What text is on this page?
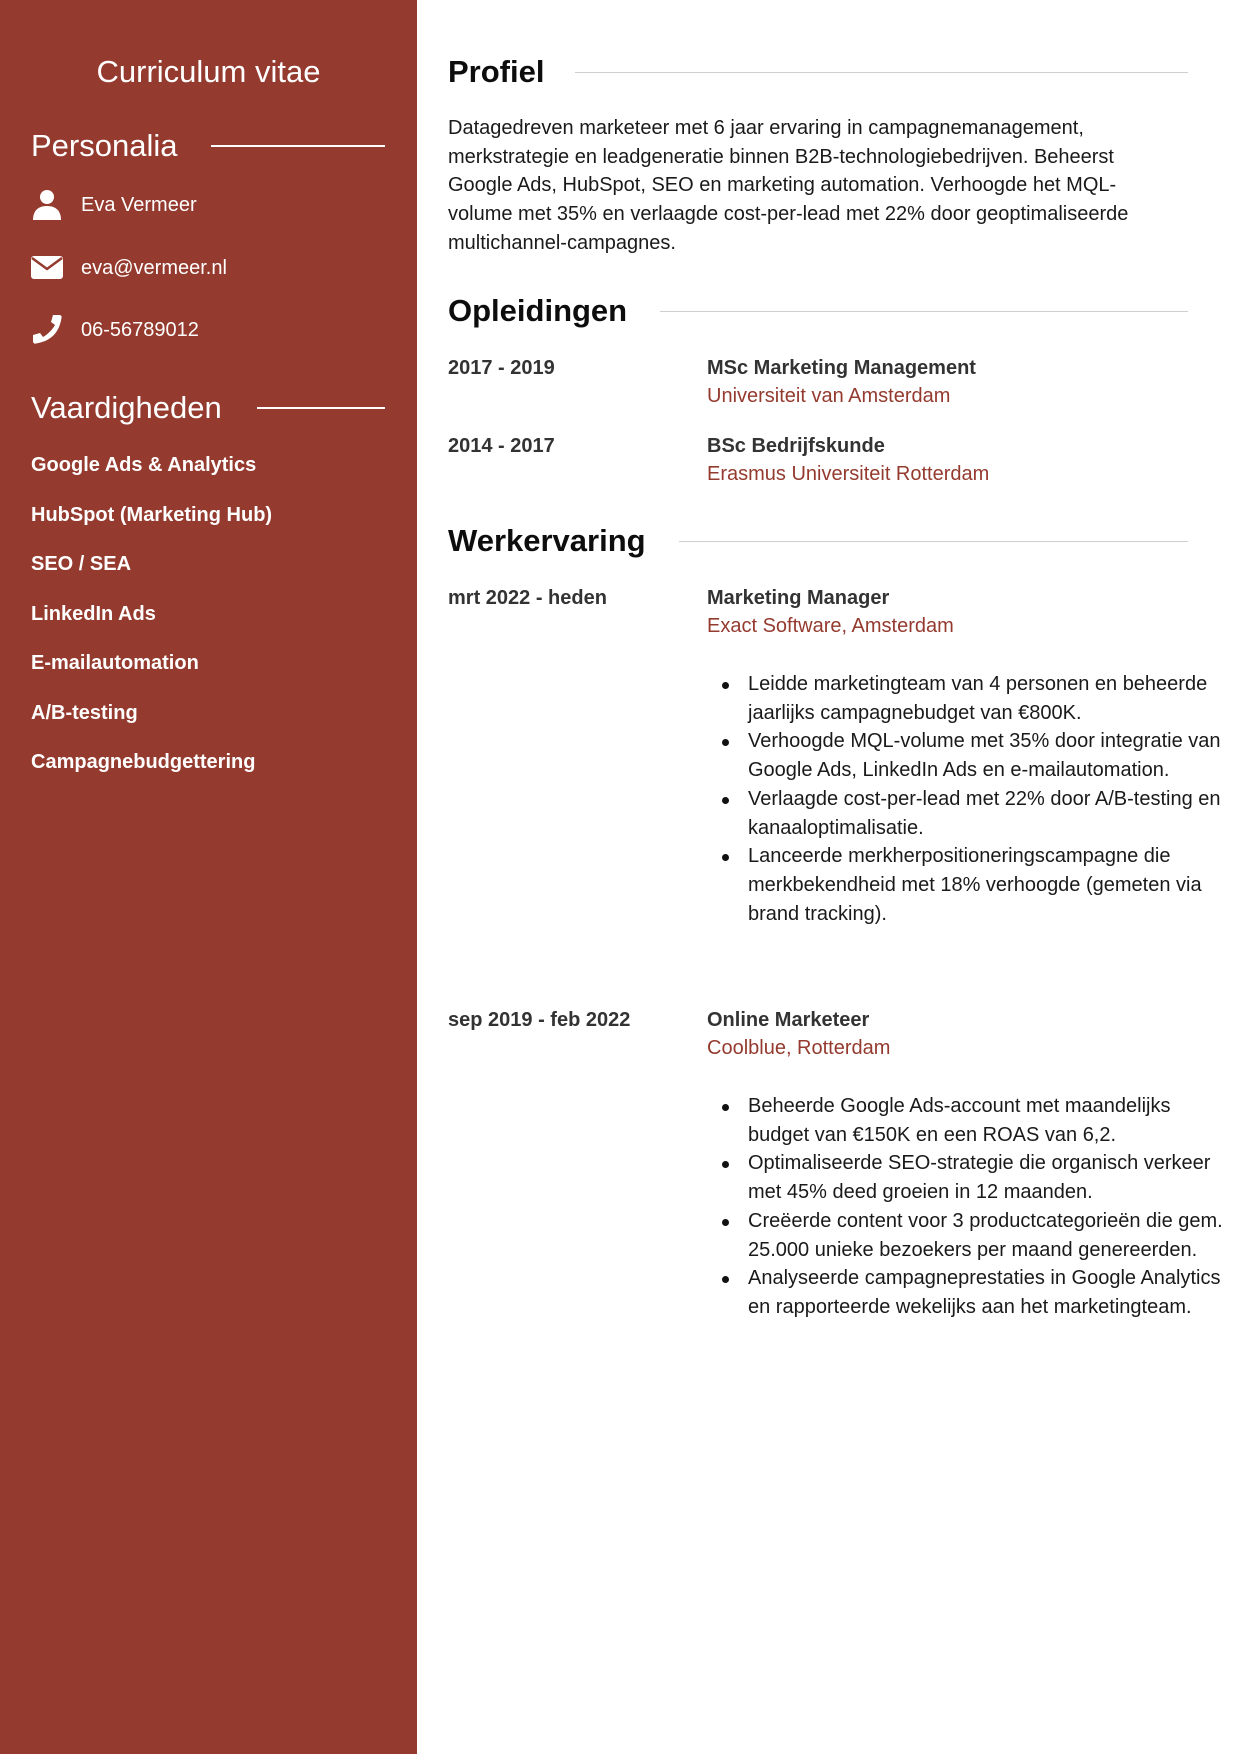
Curriculum vitae
Personalia
Eva Vermeer
eva@vermeer.nl
06-56789012
Vaardigheden
Google Ads & Analytics
HubSpot (Marketing Hub)
SEO / SEA
LinkedIn Ads
E-mailautomation
A/B-testing
Campagnebudgettering
Profiel
Datagedreven marketeer met 6 jaar ervaring in campagnemanagement, merkstrategie en leadgeneratie binnen B2B-technologiebedrijven. Beheerst Google Ads, HubSpot, SEO en marketing automation. Verhoogde het MQL-volume met 35% en verlaagde cost-per-lead met 22% door geoptimaliseerde multichannel-campagnes.
Opleidingen
2017 - 2019	MSc Marketing Management
Universiteit van Amsterdam
2014 - 2017	BSc Bedrijfskunde
Erasmus Universiteit Rotterdam
Werkervaring
mrt 2022 - heden	Marketing Manager
Exact Software, Amsterdam
Leidde marketingteam van 4 personen en beheerde jaarlijks campagnebudget van €800K.
Verhoogde MQL-volume met 35% door integratie van Google Ads, LinkedIn Ads en e-mailautomation.
Verlaagde cost-per-lead met 22% door A/B-testing en kanaaloptimalisatie.
Lanceerde merkherpositioneringscampagne die merkbekendheid met 18% verhoogde (gemeten via brand tracking).
sep 2019 - feb 2022	Online Marketeer
Coolblue, Rotterdam
Beheerde Google Ads-account met maandelijks budget van €150K en een ROAS van 6,2.
Optimaliseerde SEO-strategie die organisch verkeer met 45% deed groeien in 12 maanden.
Creëerde content voor 3 productcategorieën die gem. 25.000 unieke bezoekers per maand genereerden.
Analyseerde campagneprestaties in Google Analytics en rapporteerde wekelijks aan het marketingteam.
